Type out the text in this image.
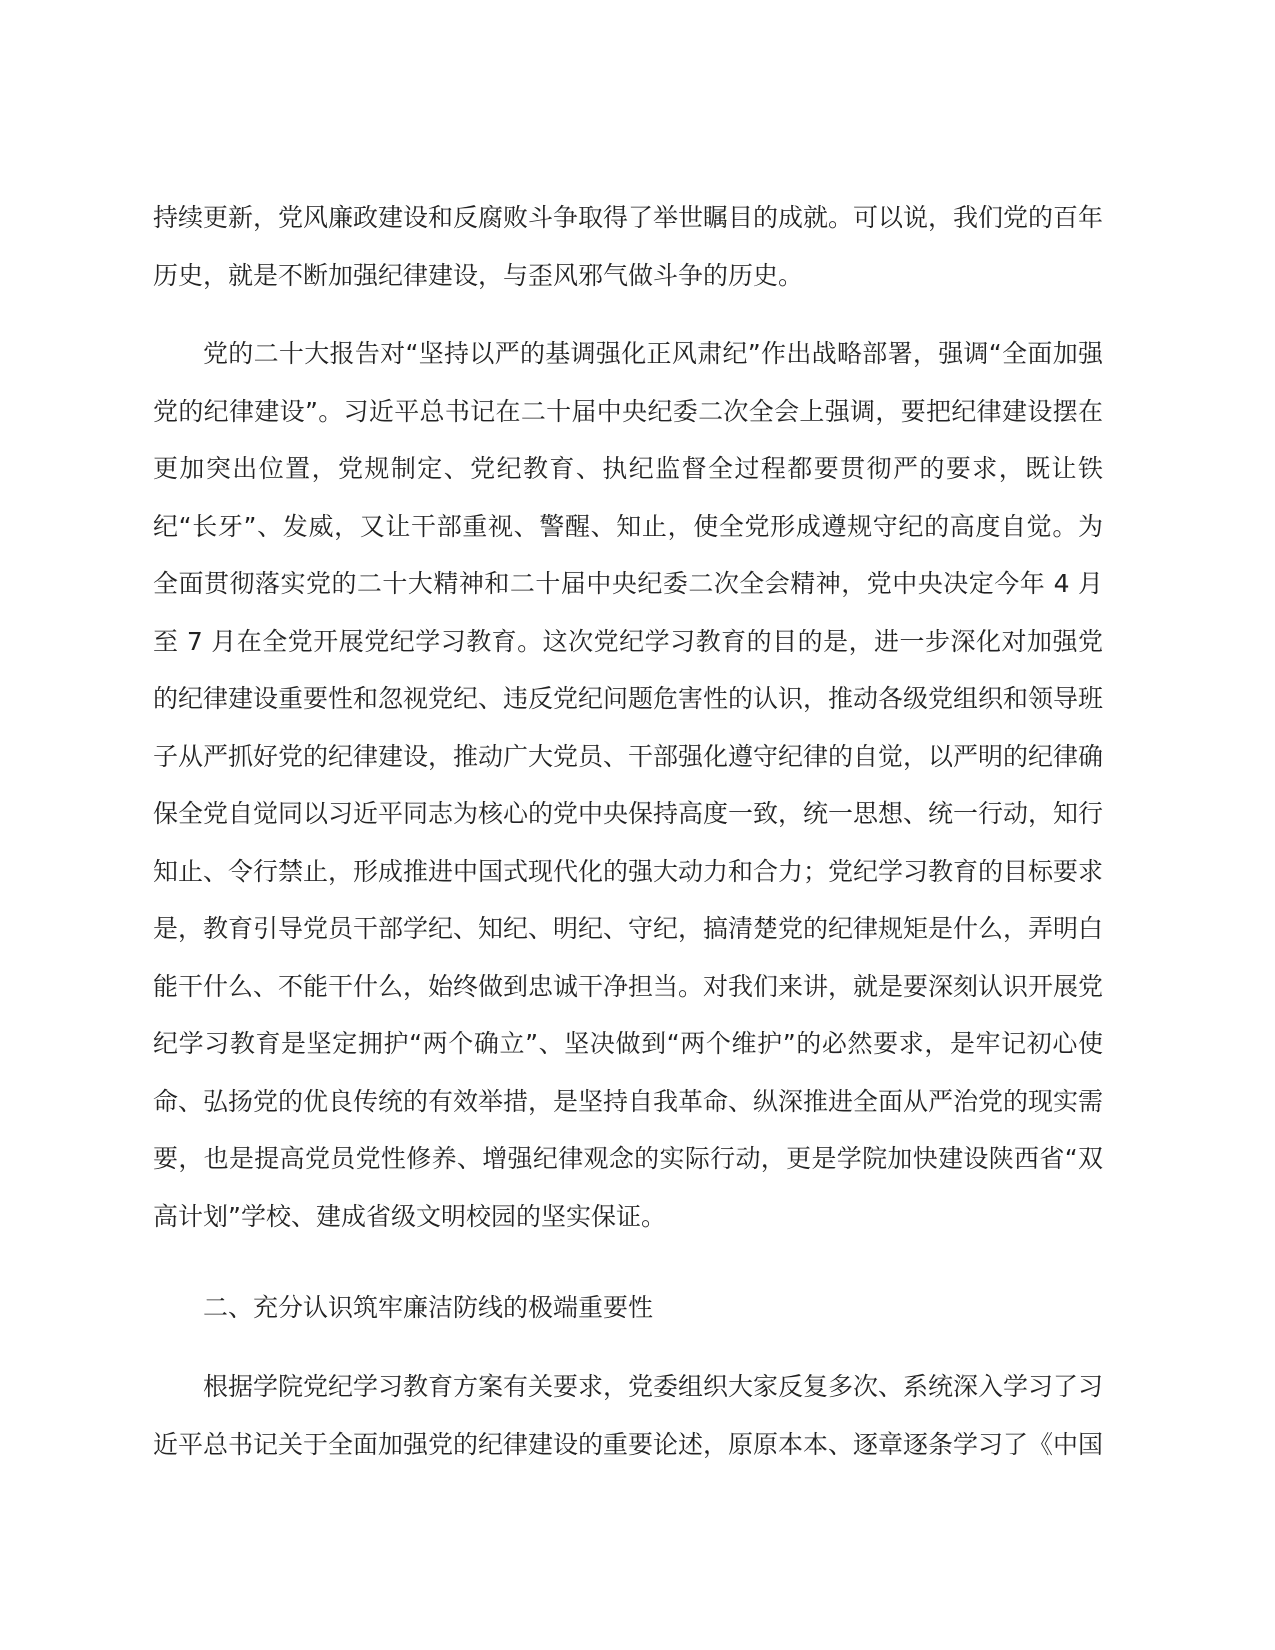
持续更新，党风廉政建设和反腐败斗争取得了举世瞩目的成就。可以说，我们党的百年历史，就是不断加强纪律建设，与歪风邪气做斗争的历史。
党的二十大报告对“坚持以严的基调强化正风肃纪”作出战略部署，强调“全面加强党的纪律建设”。习近平总书记在二十届中央纪委二次全会上强调，要把纪律建设摆在更加突出位置，党规制定、党纪教育、执纪监督全过程都要贯彻严的要求，既让铁纪“长牙”、发威，又让干部重视、警醒、知止，使全党形成遵规守纪的高度自觉。为全面贯彻落实党的二十大精神和二十届中央纪委二次全会精神，党中央决定今年 4 月至 7 月在全党开展党纪学习教育。这次党纪学习教育的目的是，进一步深化对加强党的纪律建设重要性和忽视党纪、违反党纪问题危害性的认识，推动各级党组织和领导班子从严抓好党的纪律建设，推动广大党员、干部强化遵守纪律的自觉，以严明的纪律确保全党自觉同以习近平同志为核心的党中央保持高度一致，统一思想、统一行动，知行知止、令行禁止，形成推进中国式现代化的强大动力和合力；党纪学习教育的目标要求是，教育引导党员干部学纪、知纪、明纪、守纪，搞清楚党的纪律规矩是什么，弄明白能干什么、不能干什么，始终做到忠诚干净担当。对我们来讲，就是要深刻认识开展党纪学习教育是坚定拥护“两个确立”、坚决做到“两个维护”的必然要求，是牢记初心使命、弘扬党的优良传统的有效举措，是坚持自我革命、纵深推进全面从严治党的现实需要，也是提高党员党性修养、增强纪律观念的实际行动，更是学院加快建设陕西省“双高计划”学校、建成省级文明校园的坚实保证。
二、充分认识筑牢廉洁防线的极端重要性
根据学院党纪学习教育方案有关要求，党委组织大家反复多次、系统深入学习了习近平总书记关于全面加强党的纪律建设的重要论述，原原本本、逐章逐条学习了《中国
